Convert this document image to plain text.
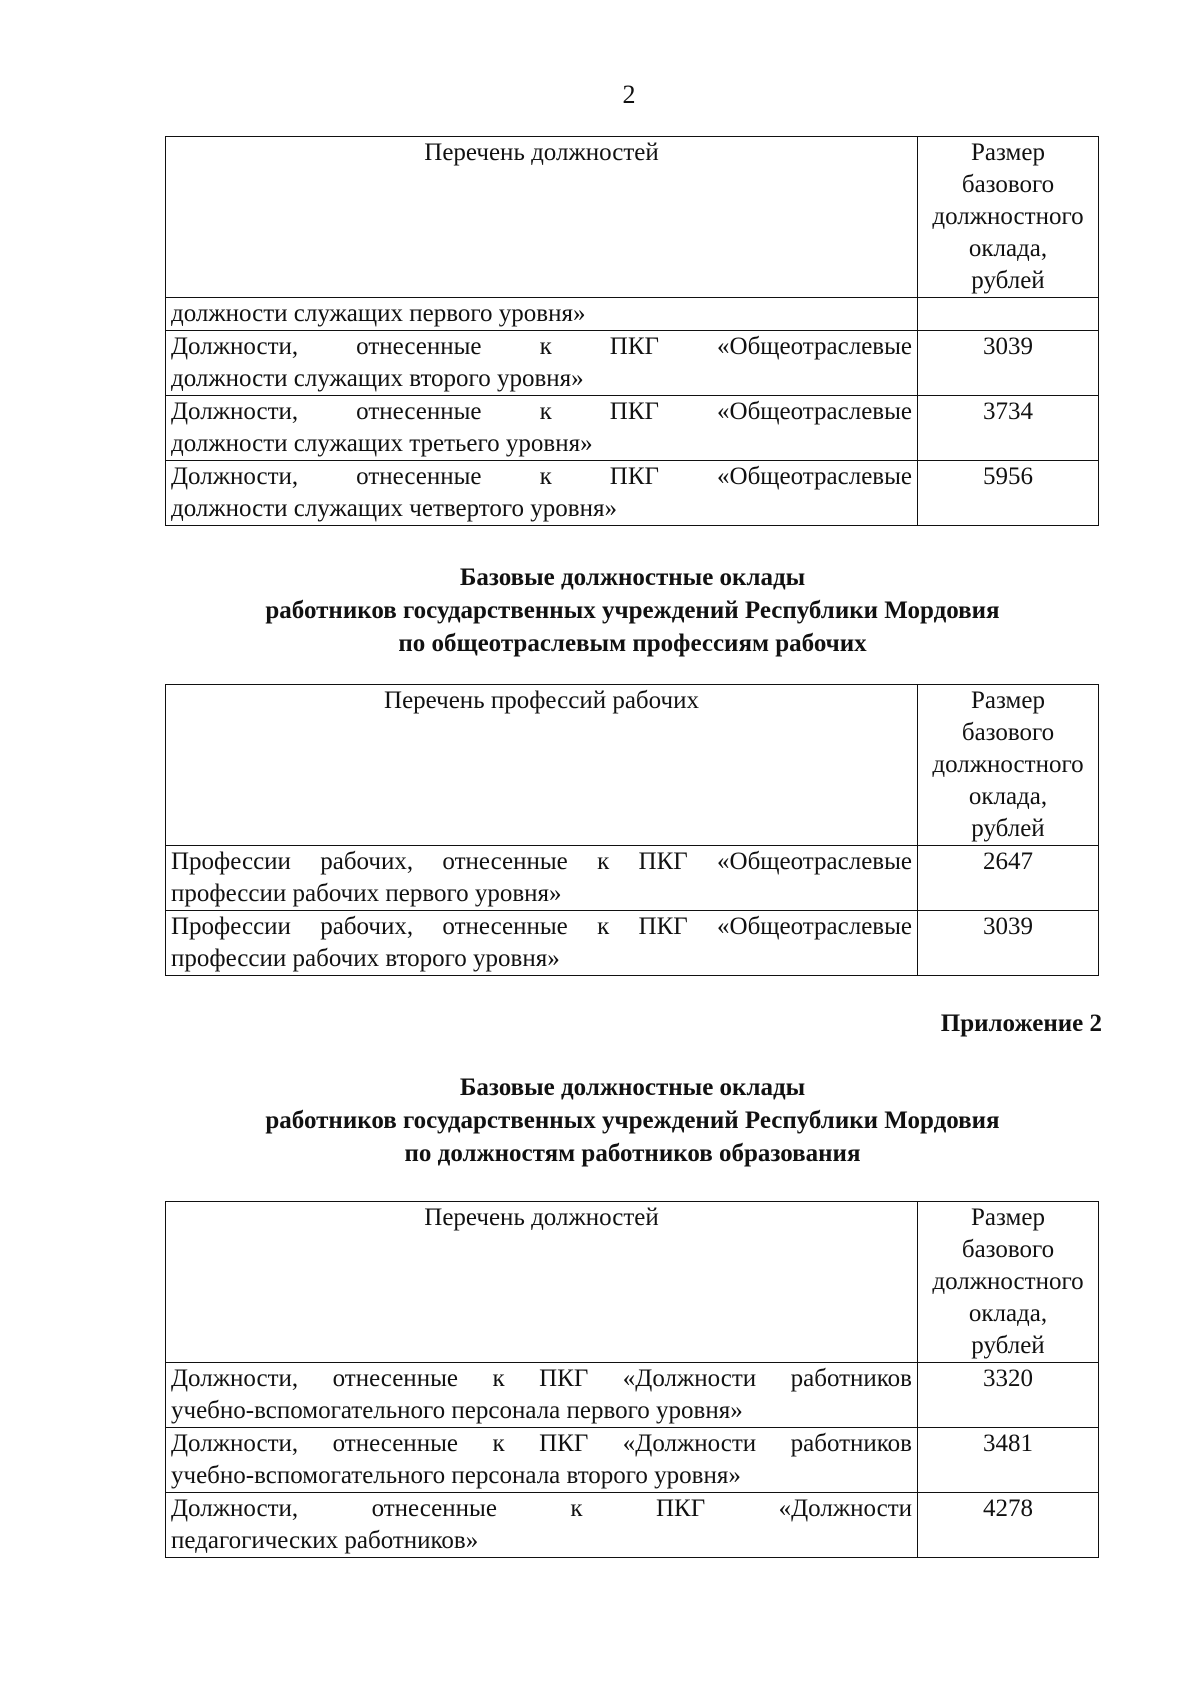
2
Перечень должностей	Размер
базового
должностного
оклада,
рублей

должности служащих первого уровня»	

Должности, отнесенные к ПКГ «Общеотраслевые
должности служащих второго уровня»	3039

Должности, отнесенные к ПКГ «Общеотраслевые
должности служащих третьего уровня»	3734

Должности, отнесенные к ПКГ «Общеотраслевые
должности служащих четвертого уровня»	5956
Базовые должностные оклады
работников государственных учреждений Республики Мордовия
по общеотраслевым профессиям рабочих
Перечень профессий рабочих	Размер
базового
должностного
оклада,
рублей

Профессии рабочих, отнесенные к ПКГ «Общеотраслевые
профессии рабочих первого уровня»	2647

Профессии рабочих, отнесенные к ПКГ «Общеотраслевые
профессии рабочих второго уровня»	3039
Приложение 2
Базовые должностные оклады
работников государственных учреждений Республики Мордовия
по должностям работников образования
Перечень должностей	Размер
базового
должностного
оклада,
рублей

Должности, отнесенные к ПКГ «Должности работников
учебно-вспомогательного персонала первого уровня»	3320

Должности, отнесенные к ПКГ «Должности работников
учебно-вспомогательного персонала второго уровня»	3481

Должности, отнесенные к ПКГ «Должности
педагогических работников»	4278
